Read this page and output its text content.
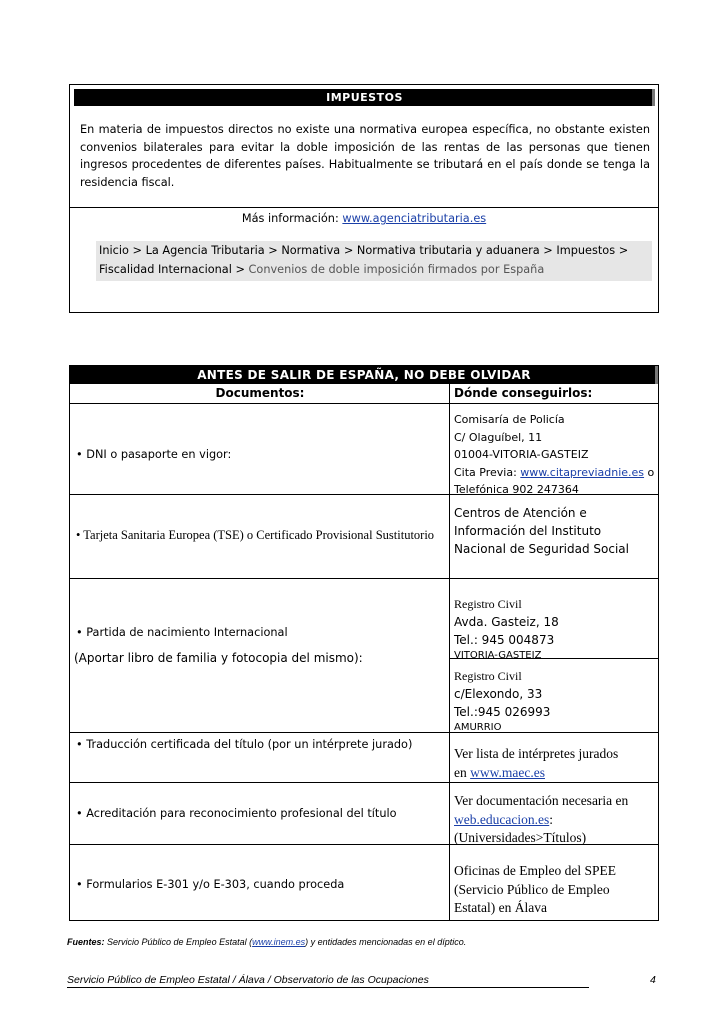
IMPUESTOS
En materia de impuestos directos no existe una normativa europea específica, no obstante existen convenios bilaterales para evitar la doble imposición de las rentas de las personas que tienen ingresos procedentes de diferentes países. Habitualmente se tributará en el país donde se tenga la residencia fiscal.
Más información: www.agenciatributaria.es
Inicio > La Agencia Tributaria > Normativa > Normativa tributaria y aduanera > Impuestos >
Fiscalidad Internacional > Convenios de doble imposición firmados por España
ANTES DE SALIR DE ESPAÑA, NO DEBE OLVIDAR
Documentos:	Dónde conseguirlos:
• DNI o pasaporte en vigor:
Comisaría de Policía
C/ Olaguíbel, 11
01004-VITORIA-GASTEIZ
Cita Previa: www.citapreviadnie.es o
Telefónica 902 247364
• Tarjeta Sanitaria Europea (TSE) o Certificado Provisional Sustitutorio
Centros de Atención e
Información del Instituto
Nacional de Seguridad Social
• Partida de nacimiento Internacional
(Aportar libro de familia y fotocopia del mismo):
Registro Civil
Avda. Gasteiz, 18
Tel.: 945 004873
VITORIA-GASTEIZ
Registro Civil
c/Elexondo, 33
Tel.:945 026993
AMURRIO
• Traducción certificada del título (por un intérprete jurado)
Ver lista de intérpretes jurados
en www.maec.es
• Acreditación para reconocimiento profesional del título
Ver documentación necesaria en
web.educacion.es:
(Universidades>Títulos)
• Formularios E-301 y/o E-303, cuando proceda
Oficinas de Empleo del SPEE
(Servicio Público de Empleo
Estatal) en Álava
Fuentes: Servicio Público de Empleo Estatal (www.inem.es) y entidades mencionadas en el díptico.
Servicio Público de Empleo Estatal / Álava / Observatorio de las Ocupaciones	4
